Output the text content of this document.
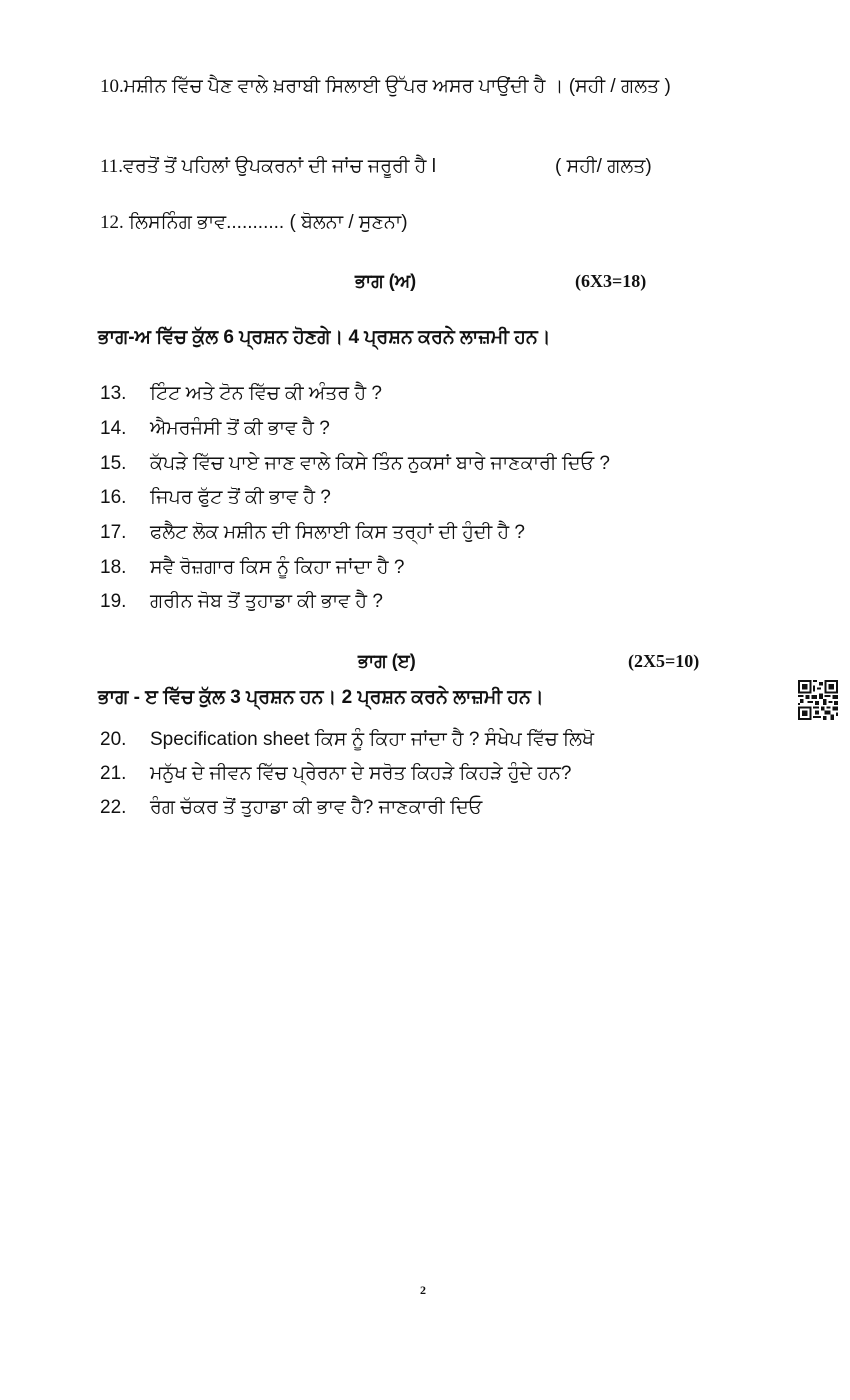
10.ਮਸ਼ੀਨ ਵਿੱਚ ਪੈਣ ਵਾਲੇ ਖ਼ਰਾਬੀ ਸਿਲਾਈ ਉੱਪਰ ਅਸਰ ਪਾਉਂਦੀ ਹੈ । (ਸਹੀ / ਗਲਤ )
11.ਵਰਤੋਂ ਤੋਂ ਪਹਿਲਾਂ ਉਪਕਰਨਾਂ ਦੀ ਜਾਂਚ ਜਰੂਰੀ ਹੈ l	( ਸਹੀ/ ਗਲਤ)
12. ਲਿਸਨਿੰਗ ਭਾਵ........... ( ਬੋਲਨਾ / ਸੁਣਨਾ)
ਭਾਗ (ਅ)	(6X3=18)
ਭਾਗ-ਅ ਵਿੱਚ ਕੁੱਲ 6 ਪ੍ਰਸ਼ਨ ਹੋਣਗੇ। 4 ਪ੍ਰਸ਼ਨ ਕਰਨੇ ਲਾਜ਼ਮੀ ਹਨ।
13.	ਟਿੰਟ ਅਤੇ ਟੋਨ ਵਿੱਚ ਕੀ ਅੰਤਰ ਹੈ ?
14.	ਐਮਰਜੰਸੀ ਤੋਂ ਕੀ ਭਾਵ ਹੈ ?
15.	ਕੱਪੜੇ ਵਿੱਚ ਪਾਏ ਜਾਣ ਵਾਲੇ ਕਿਸੇ ਤਿੰਨ ਨੁਕਸਾਂ ਬਾਰੇ ਜਾਣਕਾਰੀ ਦਿਓ ?
16.	ਜਿਪਰ ਫੁੱਟ ਤੋਂ ਕੀ ਭਾਵ ਹੈ ?
17.	ਫਲੈਟ ਲੋਕ ਮਸ਼ੀਨ ਦੀ ਸਿਲਾਈ ਕਿਸ ਤਰ੍ਹਾਂ ਦੀ ਹੁੰਦੀ ਹੈ ?
18.	ਸਵੈ ਰੋਜ਼ਗਾਰ ਕਿਸ ਨੂੰ ਕਿਹਾ ਜਾਂਦਾ ਹੈ ?
19.	ਗਰੀਨ ਜੋਬ ਤੋਂ ਤੁਹਾਡਾ ਕੀ ਭਾਵ ਹੈ ?
ਭਾਗ (ੲ)	(2X5=10)
ਭਾਗ - ੲ ਵਿੱਚ ਕੁੱਲ 3 ਪ੍ਰਸ਼ਨ ਹਨ। 2 ਪ੍ਰਸ਼ਨ ਕਰਨੇ ਲਾਜ਼ਮੀ ਹਨ।
20.	Specification sheet ਕਿਸ ਨੂੰ ਕਿਹਾ ਜਾਂਦਾ ਹੈ ? ਸੰਖੇਪ ਵਿੱਚ ਲਿਖੋ
21.	ਮਨੁੱਖ ਦੇ ਜੀਵਨ ਵਿੱਚ ਪ੍ਰੇਰਨਾ ਦੇ ਸਰੋਤ ਕਿਹੜੇ ਕਿਹੜੇ ਹੁੰਦੇ ਹਨ?
22.	ਰੰਗ ਚੱਕਰ ਤੋਂ ਤੁਹਾਡਾ ਕੀ ਭਾਵ ਹੈ? ਜਾਣਕਾਰੀ ਦਿਓ
2
